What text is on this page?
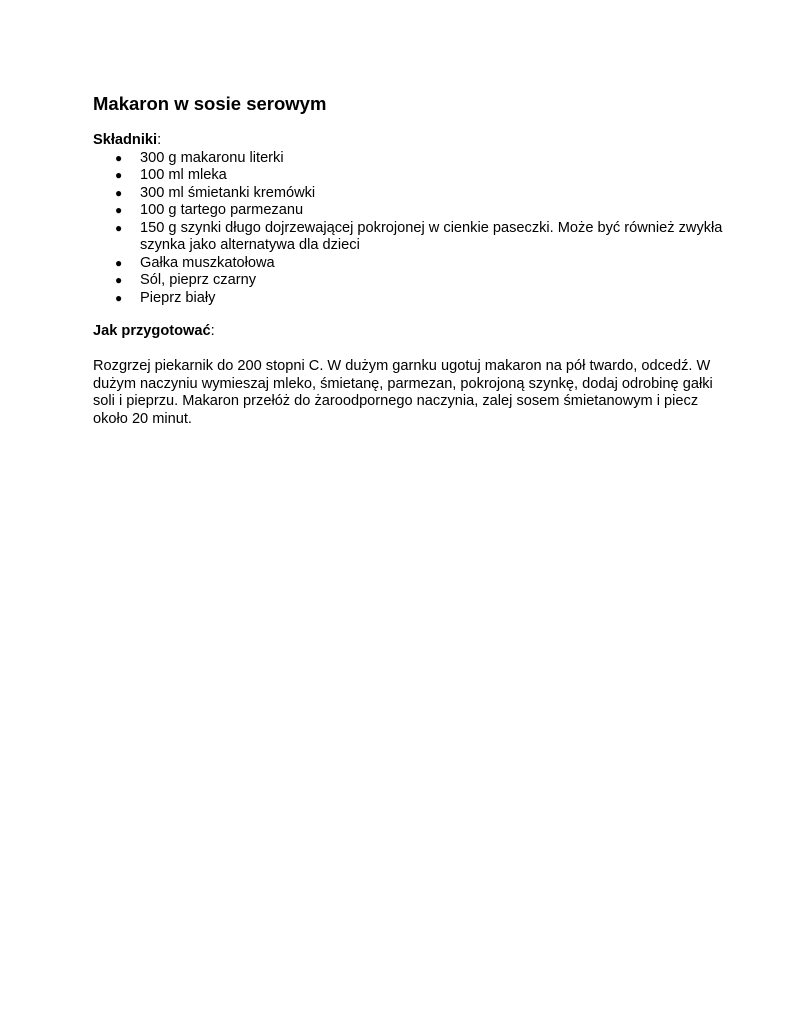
Makaron w sosie serowym

Składniki:

● 300 g makaronu literki
● 100 ml mleka
● 300 ml śmietanki kremówki
● 100 g tartego parmezanu
● 150 g szynki długo dojrzewającej pokrojonej w cienkie paseczki. Może być również zwykła szynka jako alternatywa dla dzieci
● Gałka muszkatołowa
● Sól, pieprz czarny
● Pieprz biały

Jak przygotować:

Rozgrzej piekarnik do 200 stopni C. W dużym garnku ugotuj makaron na pół twardo, odcedź. W dużym naczyniu wymieszaj mleko, śmietanę, parmezan, pokrojoną szynkę, dodaj odrobinę gałki soli i pieprzu. Makaron przełóż do żaroodpornego naczynia, zalej sosem śmietanowym i piecz około 20 minut.
